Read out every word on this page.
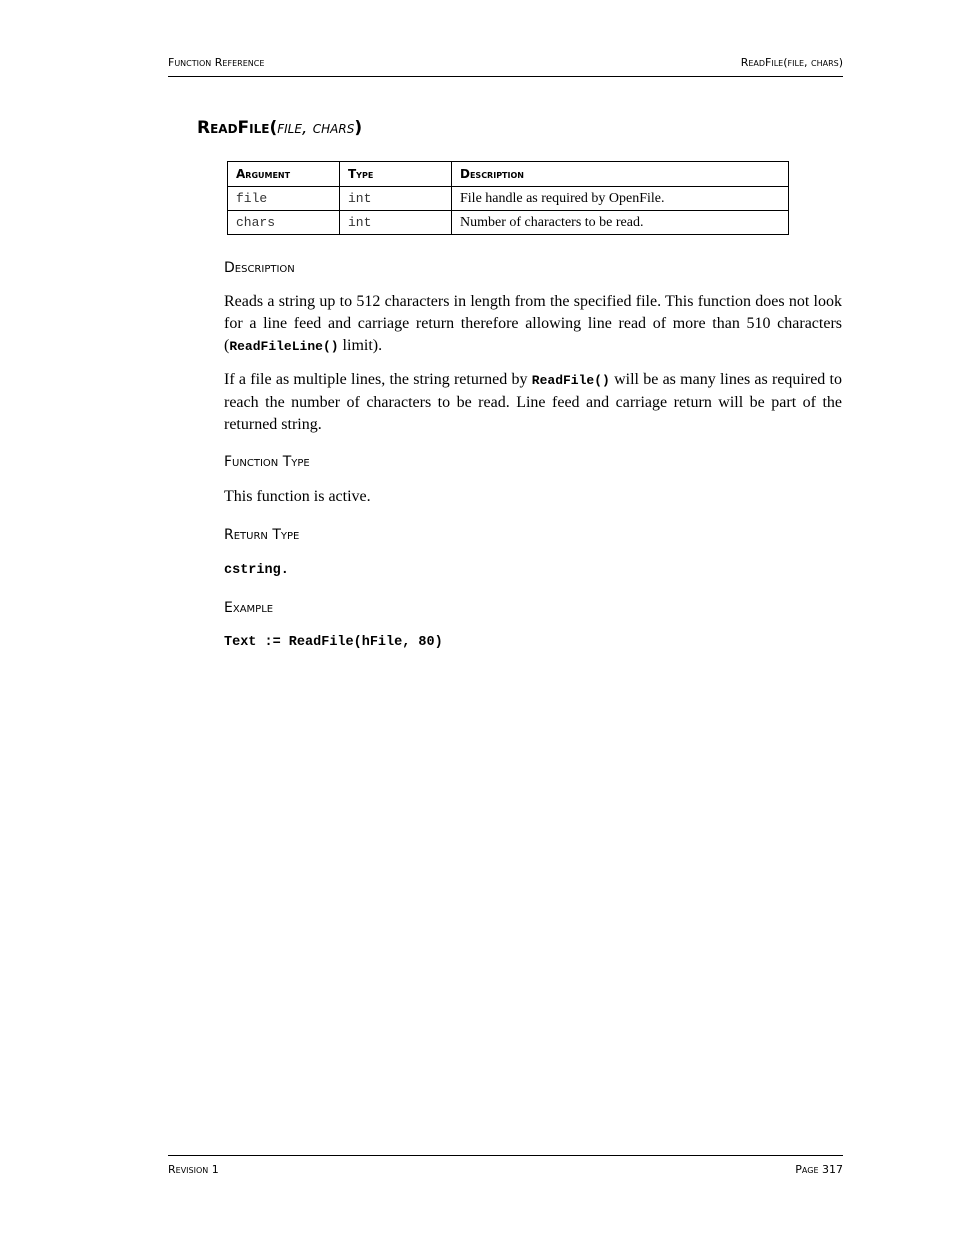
Function Reference	ReadFile(file, chars)
ReadFile(file, chars)
Argument	Type	Description
file	int	File handle as required by OpenFile.
chars	int	Number of characters to be read.
Description

Reads a string up to 512 characters in length from the specified file. This function does not look for a line feed and carriage return therefore allowing line read of more than 510 characters (ReadFileLine() limit).

If a file as multiple lines, the string returned by ReadFile() will be as many lines as required to reach the number of characters to be read. Line feed and carriage return will be part of the returned string.

Function Type

This function is active.

Return Type

cstring.

Example

Text := ReadFile(hFile, 80)

Revision 1	Page 317
